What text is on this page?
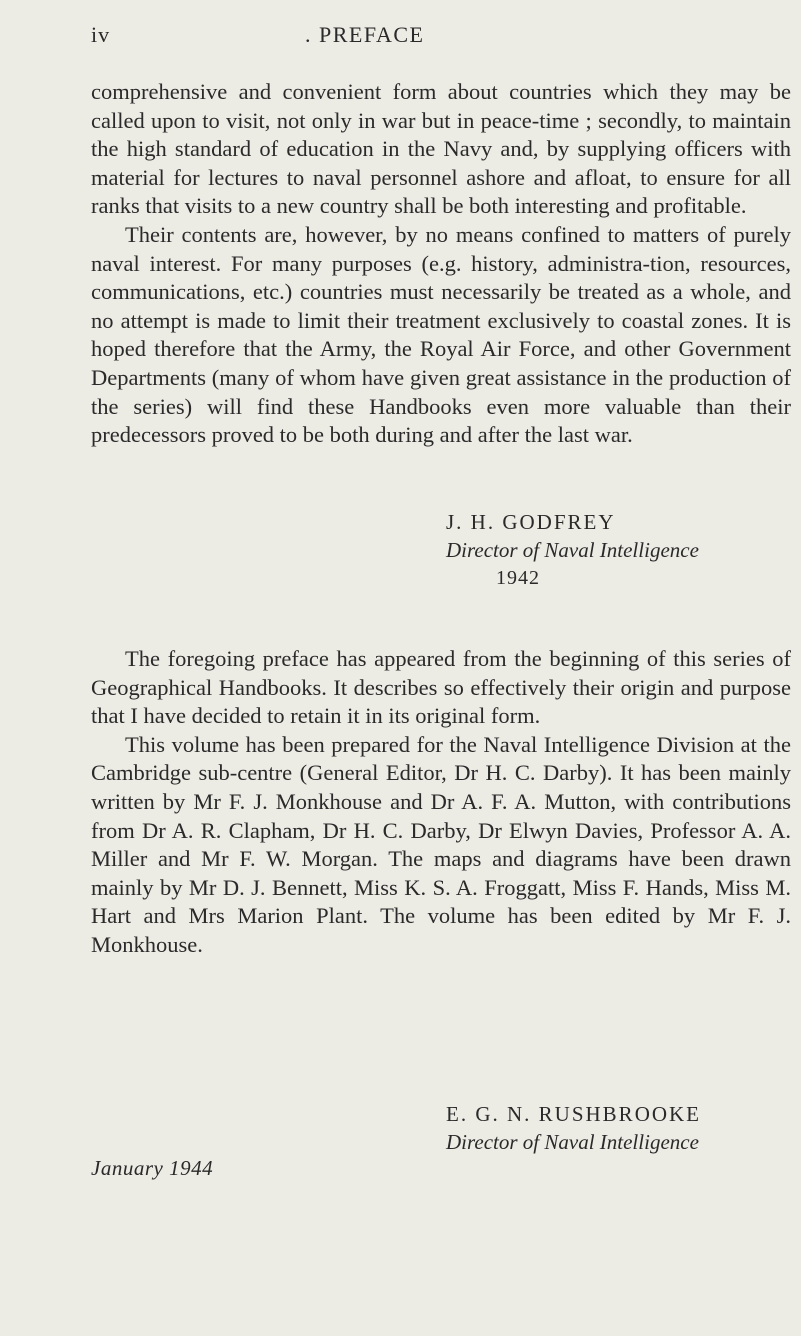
iv	. PREFACE

comprehensive and convenient form about countries which they may be called upon to visit, not only in war but in peace-time ; secondly, to maintain the high standard of education in the Navy and, by supplying officers with material for lectures to naval personnel ashore and afloat, to ensure for all ranks that visits to a new country shall be both interesting and profitable.

Their contents are, however, by no means confined to matters of purely naval interest. For many purposes (e.g. history, administra-tion, resources, communications, etc.) countries must necessarily be treated as a whole, and no attempt is made to limit their treatment exclusively to coastal zones. It is hoped therefore that the Army, the Royal Air Force, and other Government Departments (many of whom have given great assistance in the production of the series) will find these Handbooks even more valuable than their predecessors proved to be both during and after the last war.

J. H. GODFREY
Director of Naval Intelligence
1942

The foregoing preface has appeared from the beginning of this series of Geographical Handbooks. It describes so effectively their origin and purpose that I have decided to retain it in its original form.

This volume has been prepared for the Naval Intelligence Division at the Cambridge sub-centre (General Editor, Dr H. C. Darby). It has been mainly written by Mr F. J. Monkhouse and Dr A. F. A. Mutton, with contributions from Dr A. R. Clapham, Dr H. C. Darby, Dr Elwyn Davies, Professor A. A. Miller and Mr F. W. Morgan. The maps and diagrams have been drawn mainly by Mr D. J. Bennett, Miss K. S. A. Froggatt, Miss F. Hands, Miss M. Hart and Mrs Marion Plant. The volume has been edited by Mr F. J. Monkhouse.

E. G. N. RUSHBROOKE
Director of Naval Intelligence
January 1944
